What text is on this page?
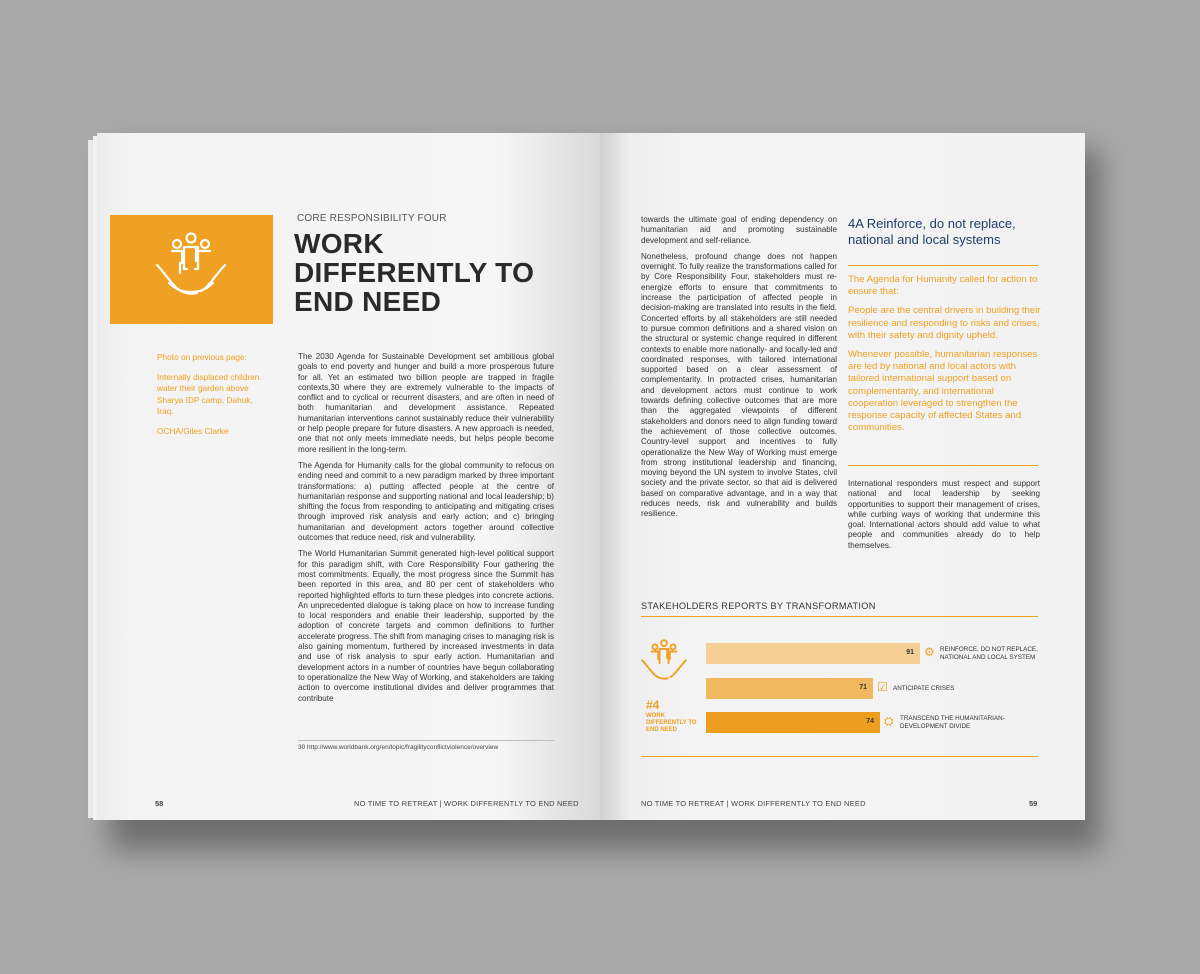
CORE RESPONSIBILITY FOUR
WORK DIFFERENTLY TO END NEED

Photo on previous page:

Internally displaced children water their garden above Sharya IDP camp, Dahuk, Iraq.

OCHA/Giles Clarke

The 2030 Agenda for Sustainable Development set ambitious global goals to end poverty and hunger and build a more prosperous future for all. Yet an estimated two billion people are trapped in fragile contexts,30 where they are extremely vulnerable to the impacts of conflict and to cyclical or recurrent disasters, and are often in need of both humanitarian and development assistance. Repeated humanitarian interventions cannot sustainably reduce their vulnerability or help people prepare for future disasters. A new approach is needed, one that not only meets immediate needs, but helps people become more resilient in the long-term.

The Agenda for Humanity calls for the global community to refocus on ending need and commit to a new paradigm marked by three important transformations: a) putting affected people at the centre of humanitarian response and supporting national and local leadership; b) shifting the focus from responding to anticipating and mitigating crises through improved risk analysis and early action; and c) bringing humanitarian and development actors together around collective outcomes that reduce need, risk and vulnerability.

The World Humanitarian Summit generated high-level political support for this paradigm shift, with Core Responsibility Four gathering the most commitments. Equally, the most progress since the Summit has been reported in this area, and 80 per cent of stakeholders who reported highlighted efforts to turn these pledges into concrete actions. An unprecedented dialogue is taking place on how to increase funding to local responders and enable their leadership, supported by the adoption of concrete targets and common definitions to further accelerate progress. The shift from managing crises to managing risk is also gaining momentum, furthered by increased investments in data and use of risk analysis to spur early action. Humanitarian and development actors in a number of countries have begun collaborating to operationalize the New Way of Working, and stakeholders are taking action to overcome institutional divides and deliver programmes that contribute

30 http://www.worldbank.org/en/topic/fragilityconflictviolence/overview
58	NO TIME TO RETREAT | WORK DIFFERENTLY TO END NEED

towards the ultimate goal of ending dependency on humanitarian aid and promoting sustainable development and self-reliance.

Nonetheless, profound change does not happen overnight. To fully realize the transformations called for by Core Responsibility Four, stakeholders must re-energize efforts to ensure that commitments to increase the participation of affected people in decision-making are translated into results in the field. Concerted efforts by all stakeholders are still needed to pursue common definitions and a shared vision on the structural or systemic change required in different contexts to enable more nationally- and locally-led and coordinated responses, with tailored international supported based on a clear assessment of complementarity. In protracted crises, humanitarian and development actors must continue to work towards defining collective outcomes that are more than the aggregated viewpoints of different stakeholders and donors need to align funding toward the achievement of those collective outcomes. Country-level support and incentives to fully operationalize the New Way of Working must emerge from strong institutional leadership and financing, moving beyond the UN system to involve States, civil society and the private sector, so that aid is delivered based on comparative advantage, and in a way that reduces needs, risk and vulnerability and builds resilience.

4A Reinforce, do not replace, national and local systems

The Agenda for Humanity called for action to ensure that:

People are the central drivers in building their resilience and responding to risks and crises, with their safety and dignity upheld.

Whenever possible, humanitarian responses are led by national and local actors with tailored international support based on complementarity, and international cooperation leveraged to strengthen the response capacity of affected States and communities.

International responders must respect and support national and local leadership by seeking opportunities to support their management of crises, while curbing ways of working that undermine this goal. International actors should add value to what people and communities already do to help themselves.
STAKEHOLDERS REPORTS BY TRANSFORMATION
#4
WORK DIFFERENTLY TO END NEED
91 ⚙ REINFORCE, DO NOT REPLACE, NATIONAL AND LOCAL SYSTEM
71 ☑ ANTICIPATE CRISES
74 ⛭ TRANSCEND THE HUMANITARIAN-DEVELOPMENT DIVIDE
NO TIME TO RETREAT | WORK DIFFERENTLY TO END NEED	59
